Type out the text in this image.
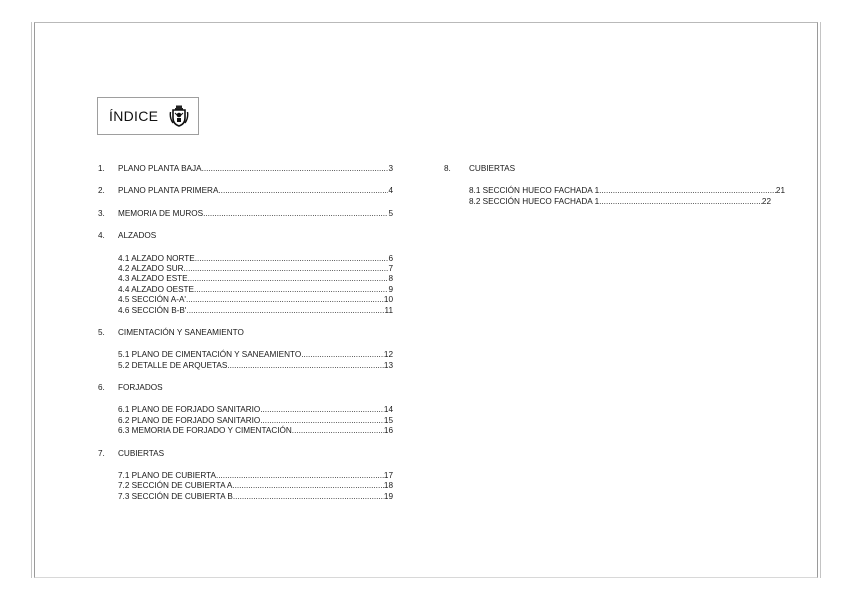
ÍNDICE
1. PLANO PLANTA BAJA .....	3
2. PLANO PLANTA PRIMERA .....	4
3. MEMORIA DE MUROS .....	5
4. ALZADOS
4.1 ALZADO NORTE .....	6
4.2 ALZADO SUR .....	7
4.3 ALZADO ESTE .....	8
4.4 ALZADO OESTE .....	9
4.5 SECCIÓN A-A' .....	10
4.6 SECCIÓN B-B' .....	11
5. CIMENTACIÓN Y SANEAMIENTO
5.1 PLANO DE CIMENTACIÓN Y SANEAMIENTO .....	12
5.2 DETALLE DE ARQUETAS .....	13
6. FORJADOS
6.1 PLANO DE FORJADO SANITARIO .....	14
6.2 PLANO DE FORJADO SANITARIO .....	15
6.3 MEMORIA DE FORJADO Y CIMENTACIÓN .....	16
7. CUBIERTAS
7.1 PLANO DE CUBIERTA .....	17
7.2 SECCIÓN DE CUBIERTA A .....	18
7.3 SECCIÓN DE CUBIERTA B .....	19
8. CUBIERTAS
8.1 SECCIÓN HUECO FACHADA 1 .....	21
8.2 SECCIÓN HUECO FACHADA 1 .....	22
